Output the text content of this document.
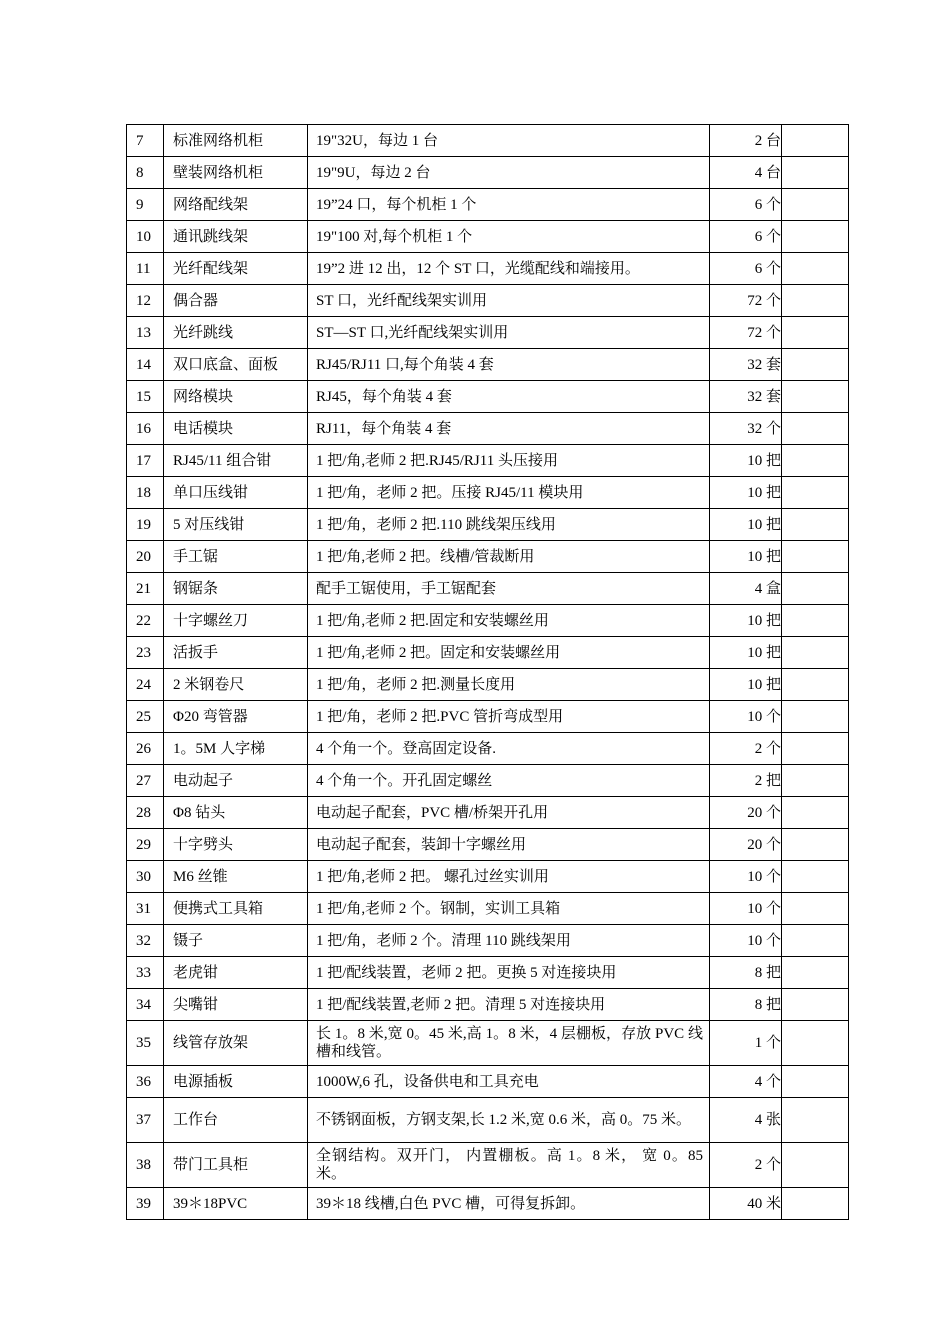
7	标准网络机柜	19"32U，每边 1 台	2 台	
8	壁装网络机柜	19"9U，每边 2 台	4 台	
9	网络配线架	19”24 口，每个机柜 1 个	6 个	
10	通讯跳线架	19"100 对,每个机柜 1 个	6 个	
11	光纤配线架	19”2 进 12 出，12 个 ST 口，光缆配线和端接用。	6 个	
12	偶合器	ST 口，光纤配线架实训用	72 个	
13	光纤跳线	ST—ST 口,光纤配线架实训用	72 个	
14	双口底盒、面板	RJ45/RJ11 口,每个角装 4 套	32 套	
15	网络模块	RJ45，每个角装 4 套	32 套	
16	电话模块	RJ11，每个角装 4 套	32 个	
17	RJ45/11 组合钳	1 把/角,老师 2 把.RJ45/RJ11 头压接用	10 把	
18	单口压线钳	1 把/角，老师 2 把。压接 RJ45/11 模块用	10 把	
19	5 对压线钳	1 把/角，老师 2 把.110 跳线架压线用	10 把	
20	手工锯	1 把/角,老师 2 把。线槽/管裁断用	10 把	
21	钢锯条	配手工锯使用，手工锯配套	4 盒	
22	十字螺丝刀	1 把/角,老师 2 把.固定和安装螺丝用	10 把	
23	活扳手	1 把/角,老师 2 把。固定和安装螺丝用	10 把	
24	2 米钢卷尺	1 把/角，老师 2 把.测量长度用	10 把	
25	Φ20 弯管器	1 把/角，老师 2 把.PVC 管折弯成型用	10 个	
26	1。5M 人字梯	4 个角一个。登高固定设备.	2 个	
27	电动起子	4 个角一个。开孔固定螺丝	2 把	
28	Φ8 钻头	电动起子配套，PVC 槽/桥架开孔用	20 个	
29	十字劈头	电动起子配套，装卸十字螺丝用	20 个	
30	M6 丝锥	1 把/角,老师 2 把。 螺孔过丝实训用	10 个	
31	便携式工具箱	1 把/角,老师 2 个。钢制，实训工具箱	10 个	
32	镊子	1 把/角，老师 2 个。清理 110 跳线架用	10 个	
33	老虎钳	1 把/配线装置，老师 2 把。更换 5 对连接块用	8 把	
34	尖嘴钳	1 把/配线装置,老师 2 把。清理 5 对连接块用	8 把	
35	线管存放架	长 1。8 米,宽 0。45 米,高 1。8 米，4 层棚板，存放 PVC 线槽和线管。	1 个	
36	电源插板	1000W,6 孔，设备供电和工具充电	4 个	
37	工作台	不锈钢面板，方钢支架,长 1.2 米,宽 0.6 米，高 0。75 米。	4 张	
38	带门工具柜	全钢结构。双开门， 内置棚板。高 1。8 米， 宽 0。85 米。	2 个	
39	39＊18PVC	39＊18 线槽,白色 PVC 槽，可得复拆卸。	40 米	
